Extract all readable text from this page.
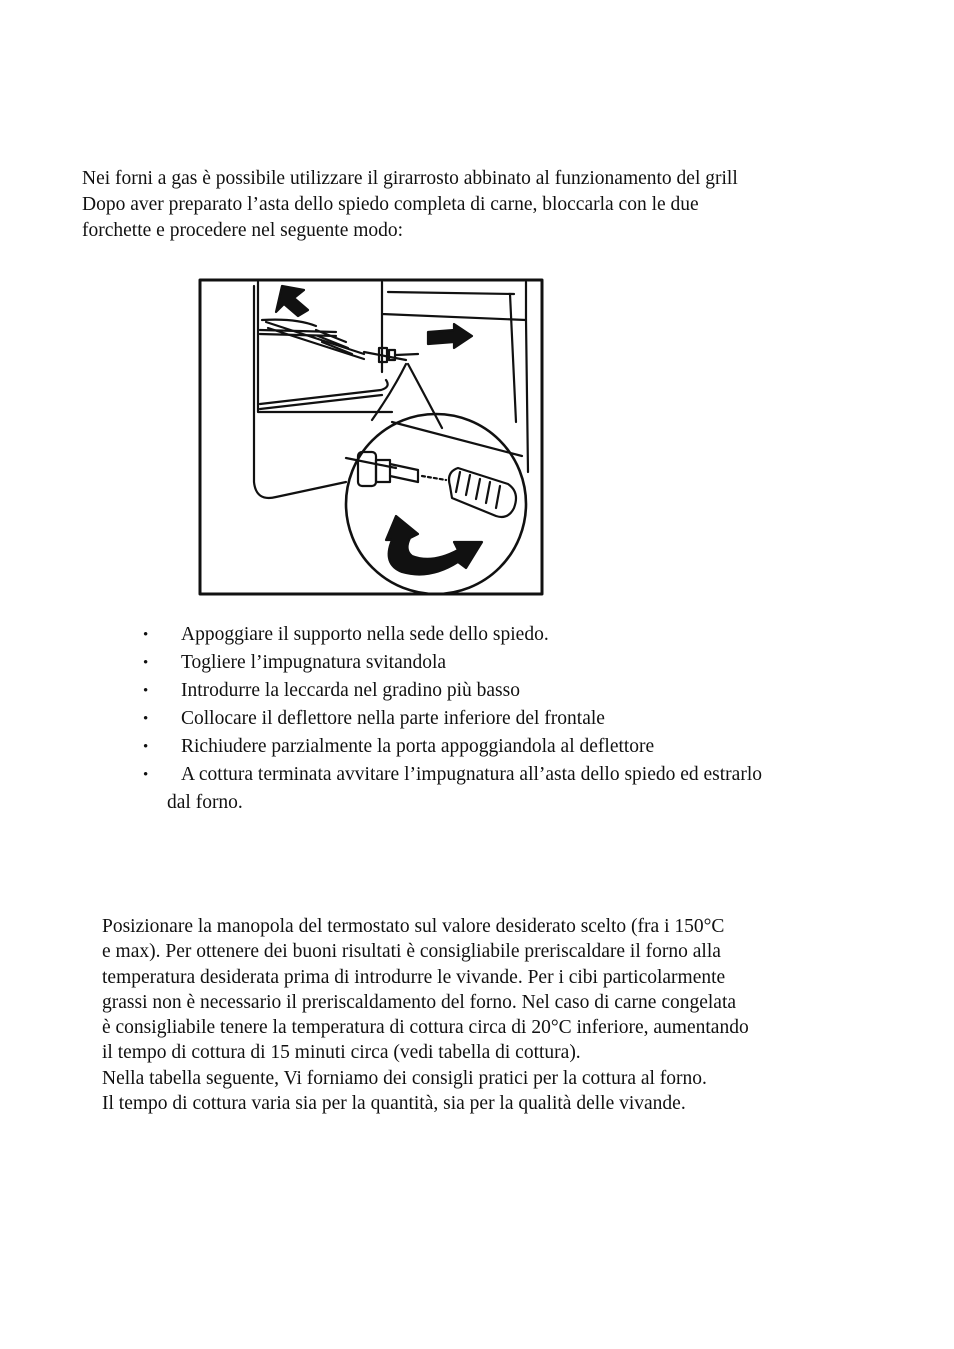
Nei forni a gas è possibile utilizzare il girarrosto abbinato al funzionamento del grill

Dopo aver preparato l’asta dello spiedo completa di carne, bloccarla con le due

forchette e procedere nel seguente modo:

• Appoggiare il supporto nella sede dello spiedo.
• Togliere l’impugnatura svitandola
• Introdurre la leccarda nel gradino più basso
• Collocare il deflettore nella parte inferiore del frontale
• Richiudere parzialmente la porta appoggiandola al deflettore
• A cottura terminata avvitare l’impugnatura all’asta dello spiedo ed estrarlo
dal forno.

Posizionare la manopola del termostato sul valore desiderato scelto (fra i 150°C

e max). Per ottenere dei buoni risultati è consigliabile preriscaldare il forno alla

temperatura desiderata prima di introdurre le vivande. Per i cibi particolarmente

grassi non è necessario il preriscaldamento del forno. Nel caso di carne congelata

è consigliabile tenere la temperatura di cottura circa di 20°C inferiore, aumentando

il tempo di cottura di 15 minuti circa (vedi tabella di cottura).

Nella tabella seguente, Vi forniamo dei consigli pratici per la cottura al forno.

Il tempo di cottura varia sia per la quantità, sia per la qualità delle vivande.
